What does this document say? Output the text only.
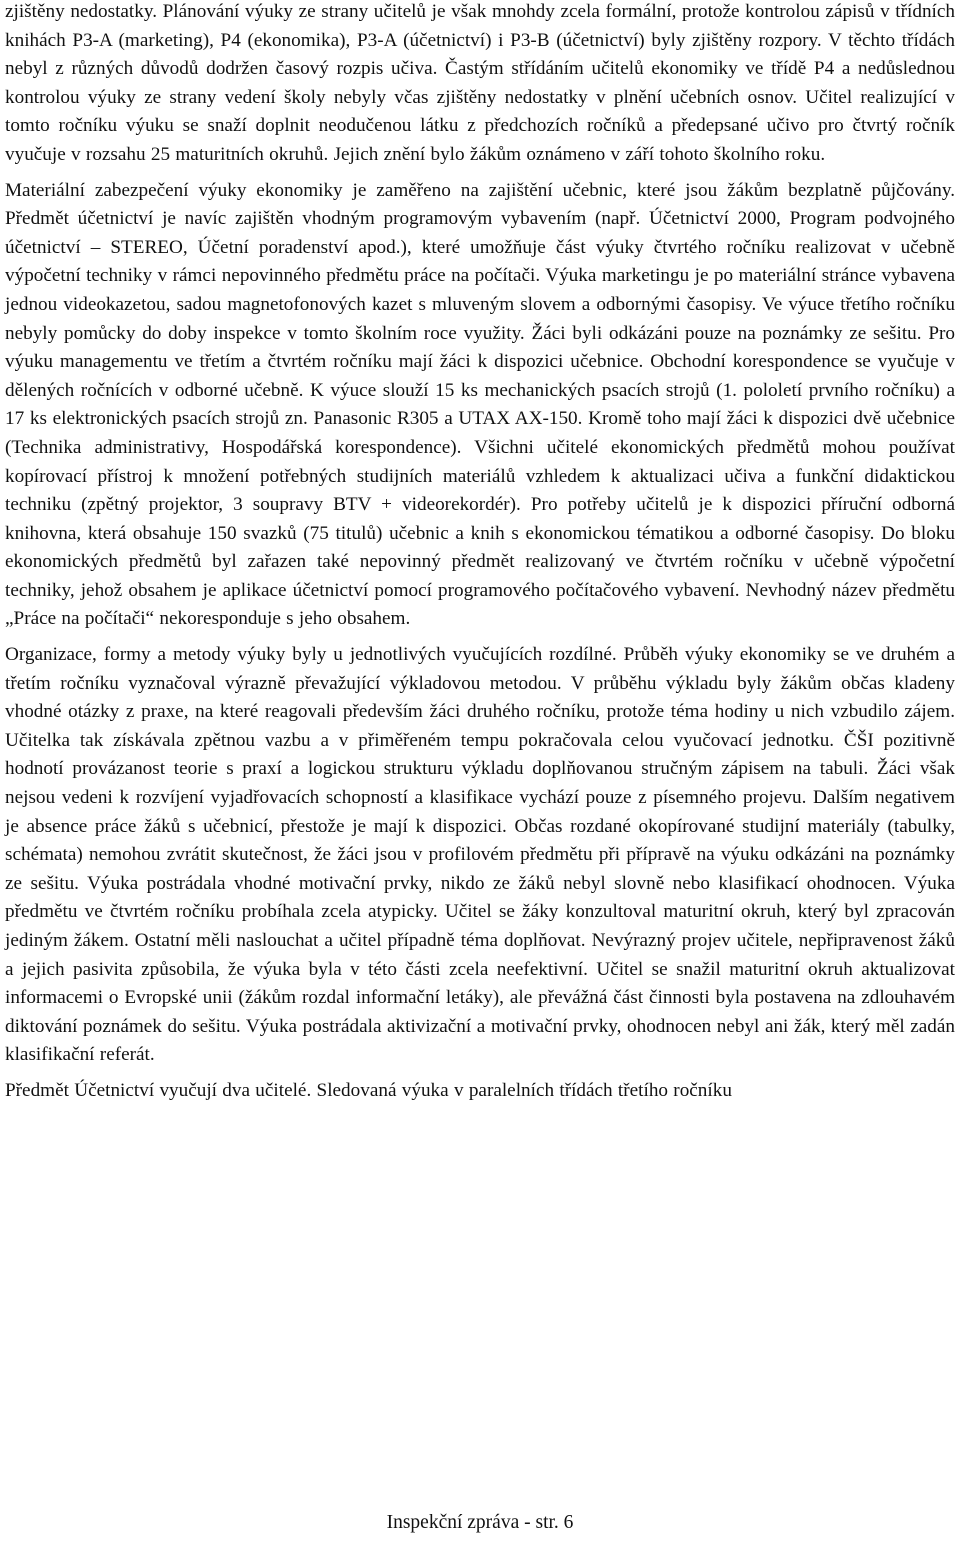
zjištěny nedostatky. Plánování výuky ze strany učitelů je však mnohdy zcela formální, protože kontrolou zápisů v třídních knihách P3-A (marketing), P4 (ekonomika), P3-A (účetnictví) i P3-B (účetnictví) byly zjištěny rozpory. V těchto třídách nebyl z různých důvodů dodržen časový rozpis učiva. Častým střídáním učitelů ekonomiky ve třídě P4 a nedůslednou kontrolou výuky ze strany vedení školy nebyly včas zjištěny nedostatky v plnění učebních osnov. Učitel realizující v tomto ročníku výuku se snaží doplnit neodučenou látku z předchozích ročníků a předepsané učivo pro čtvrtý ročník vyučuje v rozsahu 25 maturitních okruhů. Jejich znění bylo žákům oznámeno v září tohoto školního roku.

Materiální zabezpečení výuky ekonomiky je zaměřeno na zajištění učebnic, které jsou žákům bezplatně půjčovány. Předmět účetnictví je navíc zajištěn vhodným programovým vybavením (např. Účetnictví 2000, Program podvojného účetnictví – STEREO, Účetní poradenství apod.), které umožňuje část výuky čtvrtého ročníku realizovat v učebně výpočetní techniky v rámci nepovinného předmětu práce na počítači. Výuka marketingu je po materiální stránce vybavena jednou videokazetou, sadou magnetofonových kazet s mluveným slovem a odbornými časopisy. Ve výuce třetího ročníku nebyly pomůcky do doby inspekce v tomto školním roce využity. Žáci byli odkázáni pouze na poznámky ze sešitu. Pro výuku managementu ve třetím a čtvrtém ročníku mají žáci k dispozici učebnice. Obchodní korespondence se vyučuje v dělených ročnících v odborné učebně. K výuce slouží 15 ks mechanických psacích strojů (1. pololetí prvního ročníku) a 17 ks elektronických psacích strojů zn. Panasonic R305 a UTAX AX-150. Kromě toho mají žáci k dispozici dvě učebnice (Technika administrativy, Hospodářská korespondence). Všichni učitelé ekonomických předmětů mohou používat kopírovací přístroj k množení potřebných studijních materiálů vzhledem k aktualizaci učiva a funkční didaktickou techniku (zpětný projektor, 3 soupravy BTV + videorekordér). Pro potřeby učitelů je k dispozici příruční odborná knihovna, která obsahuje 150 svazků (75 titulů) učebnic a knih s ekonomickou tématikou a odborné časopisy. Do bloku ekonomických předmětů byl zařazen také nepovinný předmět realizovaný ve čtvrtém ročníku v učebně výpočetní techniky, jehož obsahem je aplikace účetnictví pomocí programového počítačového vybavení. Nevhodný název předmětu „Práce na počítači“ nekoresponduje s jeho obsahem.

Organizace, formy a metody výuky byly u jednotlivých vyučujících rozdílné. Průběh výuky ekonomiky se ve druhém a třetím ročníku vyznačoval výrazně převažující výkladovou metodou. V průběhu výkladu byly žákům občas kladeny vhodné otázky z praxe, na které reagovali především žáci druhého ročníku, protože téma hodiny u nich vzbudilo zájem. Učitelka tak získávala zpětnou vazbu a v přiměřeném tempu pokračovala celou vyučovací jednotku. ČŠI pozitivně hodnotí provázanost teorie s praxí a logickou strukturu výkladu doplňovanou stručným zápisem na tabuli. Žáci však nejsou vedeni k rozvíjení vyjadřovacích schopností a klasifikace vychází pouze z písemného projevu. Dalším negativem je absence práce žáků s učebnicí, přestože je mají k dispozici. Občas rozdané okopírované studijní materiály (tabulky, schémata) nemohou zvrátit skutečnost, že žáci jsou v profilovém předmětu při přípravě na výuku odkázáni na poznámky ze sešitu. Výuka postrádala vhodné motivační prvky, nikdo ze žáků nebyl slovně nebo klasifikací ohodnocen. Výuka předmětu ve čtvrtém ročníku probíhala zcela atypicky. Učitel se žáky konzultoval maturitní okruh, který byl zpracován jediným žákem. Ostatní měli naslouchat a učitel případně téma doplňovat. Nevýrazný projev učitele, nepřipravenost žáků a jejich pasivita způsobila, že výuka byla v této části zcela neefektivní. Učitel se snažil maturitní okruh aktualizovat informacemi o Evropské unii (žákům rozdal informační letáky), ale převážná část činnosti byla postavena na zdlouhavém diktování poznámek do sešitu. Výuka postrádala aktivizační a motivační prvky, ohodnocen nebyl ani žák, který měl zadán klasifikační referát.

Předmět Účetnictví vyučují dva učitelé. Sledovaná výuka v paralelních třídách třetího ročníku

Inspekční zpráva - str. 6
